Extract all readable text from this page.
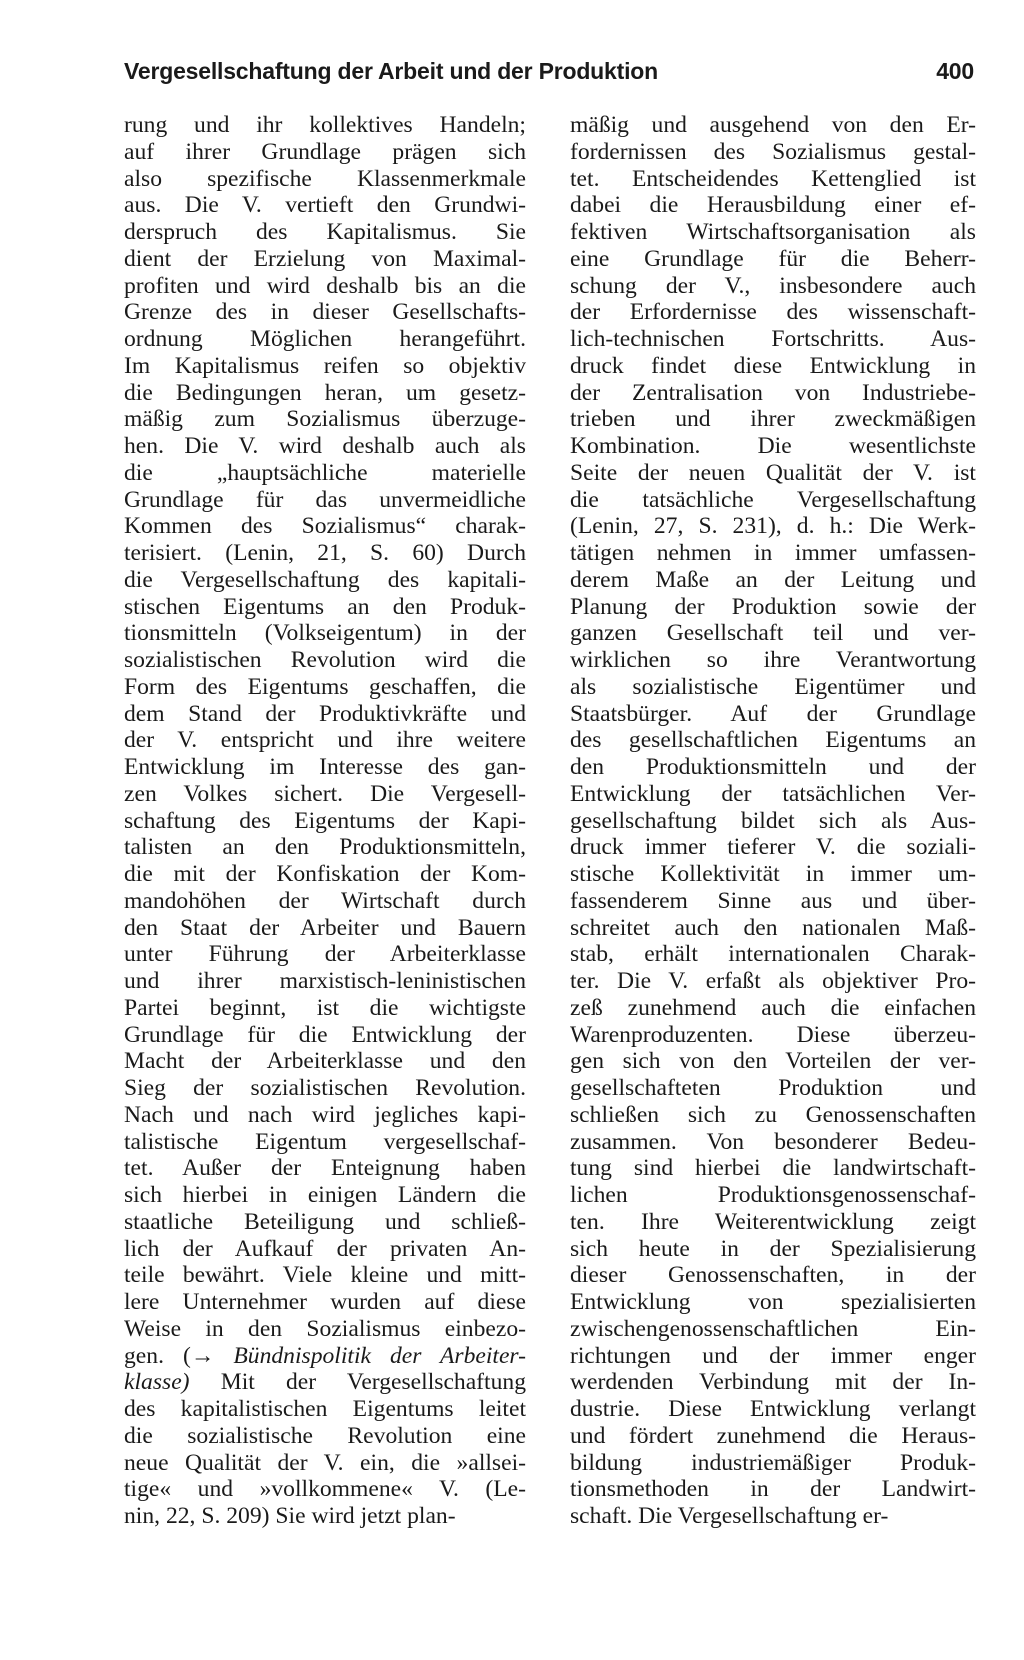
Vergesellschaftung der Arbeit und der Produktion	400
rung und ihr kollektives Handeln;
auf ihrer Grundlage prägen sich
also spezifische Klassenmerkmale
aus. Die V. vertieft den Grundwi-
derspruch des Kapitalismus. Sie
dient der Erzielung von Maximal-
profiten und wird deshalb bis an die
Grenze des in dieser Gesellschafts-
ordnung Möglichen herangeführt.
Im Kapitalismus reifen so objektiv
die Bedingungen heran, um gesetz-
mäßig zum Sozialismus überzuge-
hen. Die V. wird deshalb auch als
die „hauptsächliche materielle
Grundlage für das unvermeidliche
Kommen des Sozialismus“ charak-
terisiert. (Lenin, 21, S. 60) Durch
die Vergesellschaftung des kapitali-
stischen Eigentums an den Produk-
tionsmitteln (Volkseigentum) in der
sozialistischen Revolution wird die
Form des Eigentums geschaffen, die
dem Stand der Produktivkräfte und
der V. entspricht und ihre weitere
Entwicklung im Interesse des gan-
zen Volkes sichert. Die Vergesell-
schaftung des Eigentums der Kapi-
talisten an den Produktionsmitteln,
die mit der Konfiskation der Kom-
mandohöhen der Wirtschaft durch
den Staat der Arbeiter und Bauern
unter Führung der Arbeiterklasse
und ihrer marxistisch-leninistischen
Partei beginnt, ist die wichtigste
Grundlage für die Entwicklung der
Macht der Arbeiterklasse und den
Sieg der sozialistischen Revolution.
Nach und nach wird jegliches kapi-
talistische Eigentum vergesellschaf-
tet. Außer der Enteignung haben
sich hierbei in einigen Ländern die
staatliche Beteiligung und schließ-
lich der Aufkauf der privaten An-
teile bewährt. Viele kleine und mitt-
lere Unternehmer wurden auf diese
Weise in den Sozialismus einbezo-
gen. (→ Bündnispolitik der Arbeiter-
klasse) Mit der Vergesellschaftung
des kapitalistischen Eigentums leitet
die sozialistische Revolution eine
neue Qualität der V. ein, die »allsei-
tige« und »vollkommene« V. (Le-
nin, 22, S. 209) Sie wird jetzt plan-
mäßig und ausgehend von den Er-
fordernissen des Sozialismus gestal-
tet. Entscheidendes Kettenglied ist
dabei die Herausbildung einer ef-
fektiven Wirtschaftsorganisation als
eine Grundlage für die Beherr-
schung der V., insbesondere auch
der Erfordernisse des wissenschaft-
lich-technischen Fortschritts. Aus-
druck findet diese Entwicklung in
der Zentralisation von Industriebe-
trieben und ihrer zweckmäßigen
Kombination. Die wesentlichste
Seite der neuen Qualität der V. ist
die tatsächliche Vergesellschaftung
(Lenin, 27, S. 231), d. h.: Die Werk-
tätigen nehmen in immer umfassen-
derem Maße an der Leitung und
Planung der Produktion sowie der
ganzen Gesellschaft teil und ver-
wirklichen so ihre Verantwortung
als sozialistische Eigentümer und
Staatsbürger. Auf der Grundlage
des gesellschaftlichen Eigentums an
den Produktionsmitteln und der
Entwicklung der tatsächlichen Ver-
gesellschaftung bildet sich als Aus-
druck immer tieferer V. die soziali-
stische Kollektivität in immer um-
fassenderem Sinne aus und über-
schreitet auch den nationalen Maß-
stab, erhält internationalen Charak-
ter. Die V. erfaßt als objektiver Pro-
zeß zunehmend auch die einfachen
Warenproduzenten. Diese überzeu-
gen sich von den Vorteilen der ver-
gesellschafteten Produktion und
schließen sich zu Genossenschaften
zusammen. Von besonderer Bedeu-
tung sind hierbei die landwirtschaft-
lichen Produktionsgenossenschaf-
ten. Ihre Weiterentwicklung zeigt
sich heute in der Spezialisierung
dieser Genossenschaften, in der
Entwicklung von spezialisierten
zwischengenossenschaftlichen Ein-
richtungen und der immer enger
werdenden Verbindung mit der In-
dustrie. Diese Entwicklung verlangt
und fördert zunehmend die Heraus-
bildung industriemäßiger Produk-
tionsmethoden in der Landwirt-
schaft. Die Vergesellschaftung er-
